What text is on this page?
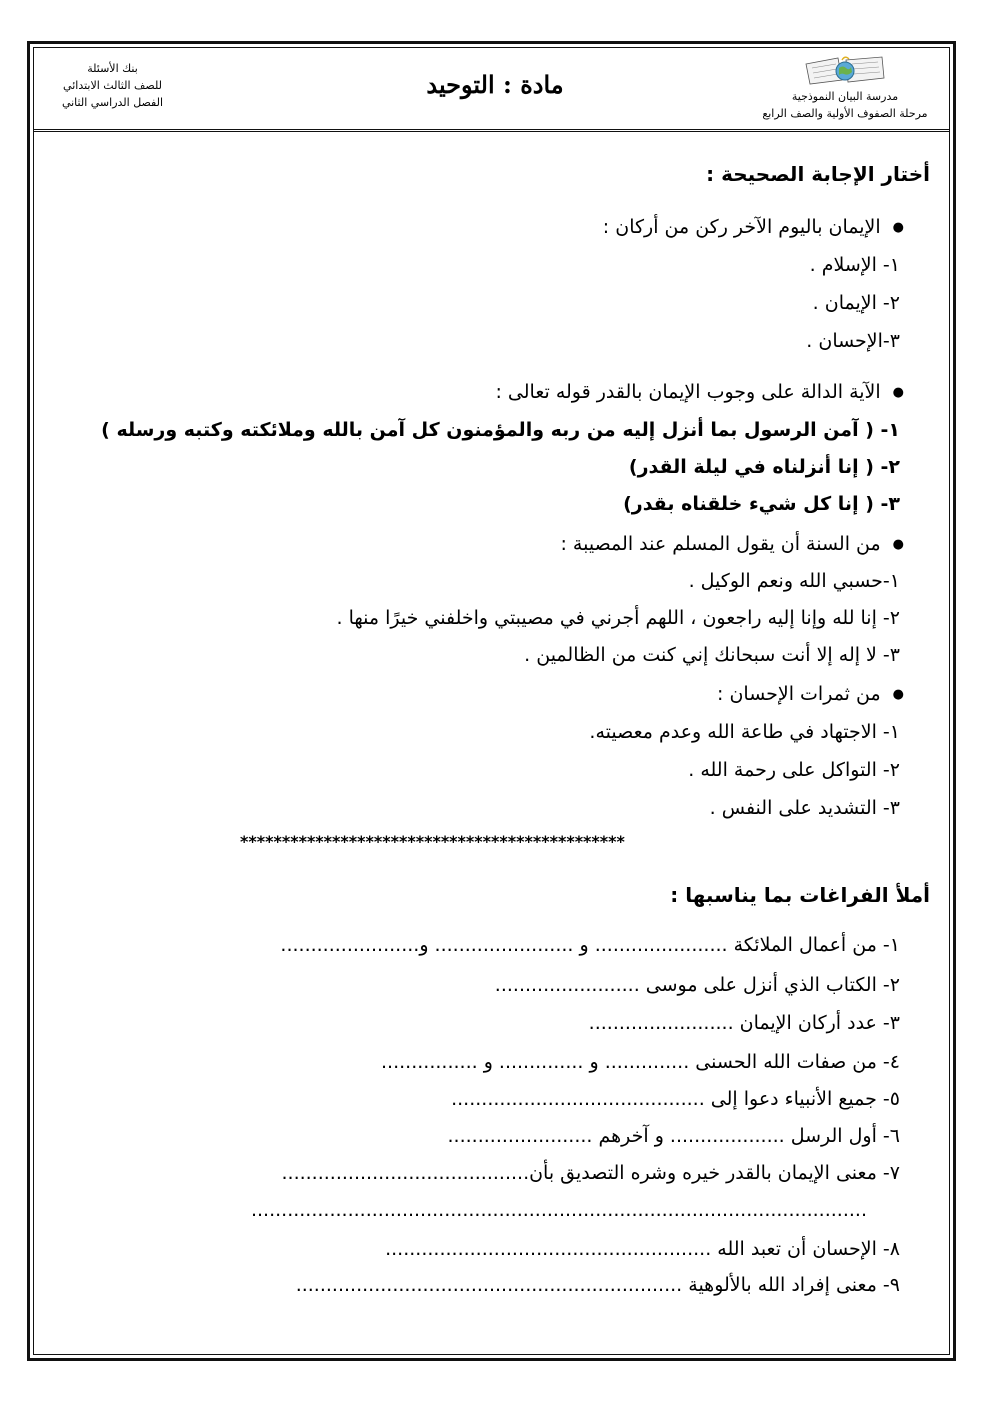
بنك الأسئلة
للصف الثالث الابتدائي
الفصل الدراسي الثاني
مادة : التوحيد	مدرسة البيان النموذجية
مرحلة الصفوف الأولية والصف الرابع
أختار الإجابة الصحيحة :
● الإيمان باليوم الآخر ركن من أركان :
١- الإسلام .
٢- الإيمان .
٣-الإحسان .
● الآية الدالة على وجوب الإيمان بالقدر قوله تعالى :
١- ( آمن الرسول بما أنزل إليه من ربه والمؤمنون كل آمن بالله وملائكته وكتبه ورسله )
٢- ( إنا أنزلناه في ليلة القدر)
٣- ( إنا كل شيء خلقناه بقدر)
● من السنة أن يقول المسلم عند المصيبة :
١-حسبي الله ونعم الوكيل .
٢- إنا لله وإنا إليه راجعون ، اللهم أجرني في مصيبتي واخلفني خيرًا منها .
٣- لا إله إلا أنت سبحانك إني كنت من الظالمين .
● من ثمرات الإحسان :
١- الاجتهاد في طاعة الله وعدم معصيته.
٢- التواكل على رحمة الله .
٣- التشديد على النفس .
**********************************************
أملأ الفراغات بما يناسبها :
١- من أعمال الملائكة ...................... و ....................... و.......................
٢- الكتاب الذي أنزل على موسى ........................
٣- عدد أركان الإيمان ........................
٤- من صفات الله الحسنى .............. و .............. و ................
٥- جميع الأنبياء دعوا إلى ..........................................
٦- أول الرسل ................... و آخرهم ........................
٧- معنى الإيمان بالقدر خيره وشره التصديق بأن.........................................
......................................................................................................
٨- الإحسان أن تعبد الله ......................................................
٩- معنى إفراد الله بالألوهية ................................................................
